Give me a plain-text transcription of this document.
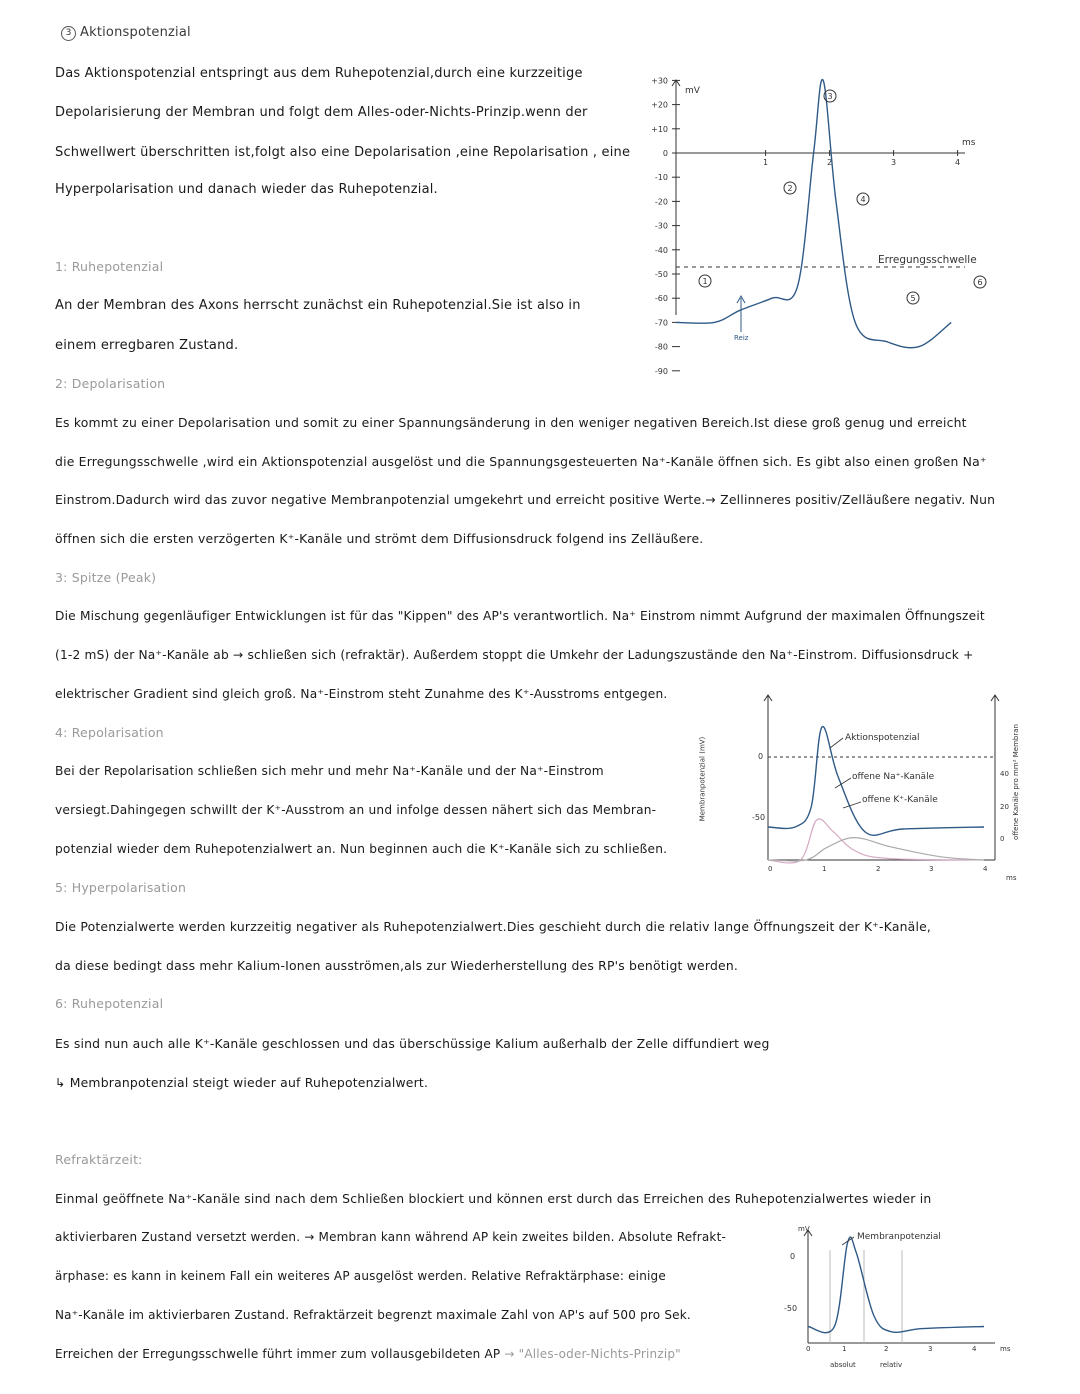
3 Aktionspotenzial
Das Aktionspotenzial entspringt aus dem Ruhepotenzial,durch eine kurzzeitige
Depolarisierung der Membran und folgt dem Alles-oder-Nichts-Prinzip.wenn der
Schwellwert überschritten ist,folgt also eine Depolarisation ,eine Repolarisation , eine
Hyperpolarisation und danach wieder das Ruhepotenzial.
1: Ruhepotenzial
An der Membran des Axons herrscht zunächst ein Ruhepotenzial.Sie ist also in
einem erregbaren Zustand.
2: Depolarisation
Es kommt zu einer Depolarisation und somit zu einer Spannungsänderung in den weniger negativen Bereich.Ist diese groß genug und erreicht
die Erregungsschwelle ,wird ein Aktionspotenzial ausgelöst und die Spannungsgesteuerten Na⁺-Kanäle öffnen sich. Es gibt also einen großen Na⁺
Einstrom.Dadurch wird das zuvor negative Membranpotenzial umgekehrt und erreicht positive Werte.→ Zellinneres positiv/Zelläußere negativ. Nun
öffnen sich die ersten verzögerten K⁺-Kanäle und strömt dem Diffusionsdruck folgend ins Zelläußere.
3: Spitze (Peak)
Die Mischung gegenläufiger Entwicklungen ist für das "Kippen" des AP's verantwortlich. Na⁺ Einstrom nimmt Aufgrund der maximalen Öffnungszeit
(1-2 mS) der Na⁺-Kanäle ab → schließen sich (refraktär). Außerdem stoppt die Umkehr der Ladungszustände den Na⁺-Einstrom. Diffusionsdruck +
elektrischer Gradient sind gleich groß. Na⁺-Einstrom steht Zunahme des K⁺-Ausstroms entgegen.
4: Repolarisation
Bei der Repolarisation schließen sich mehr und mehr Na⁺-Kanäle und der Na⁺-Einstrom
versiegt.Dahingegen schwillt der K⁺-Ausstrom an und infolge dessen nähert sich das Membran-
potenzial wieder dem Ruhepotenzialwert an. Nun beginnen auch die K⁺-Kanäle sich zu schließen.
5: Hyperpolarisation
Die Potenzialwerte werden kurzzeitig negativer als Ruhepotenzialwert.Dies geschieht durch die relativ lange Öffnungszeit der K⁺-Kanäle,
da diese bedingt dass mehr Kalium-Ionen ausströmen,als zur Wiederherstellung des RP's benötigt werden.
6: Ruhepotenzial
Es sind nun auch alle K⁺-Kanäle geschlossen und das überschüssige Kalium außerhalb der Zelle diffundiert weg
↳ Membranpotenzial steigt wieder auf Ruhepotenzialwert.
Refraktärzeit:
Einmal geöffnete Na⁺-Kanäle sind nach dem Schließen blockiert und können erst durch das Erreichen des Ruhepotenzialwertes wieder in
aktivierbaren Zustand versetzt werden. → Membran kann während AP kein zweites bilden. Absolute Refrakt-
ärphase: es kann in keinem Fall ein weiteres AP ausgelöst werden. Relative Refraktärphase: einige
Na⁺-Kanäle im aktivierbaren Zustand. Refraktärzeit begrenzt maximale Zahl von AP's auf 500 pro Sek.
Erreichen der Erregungsschwelle führt immer zum vollausgebildeten AP → "Alles-oder-Nichts-Prinzip"
+30
+20
+10
0
-10
-20
-30
-40
-50
-60
-70
-80
-90
1	2	3	4
1
2
3
4
5
6
mV
ms
Erregungsschwelle
Reiz
Aktionspotenzial
offene Na⁺-Kanäle
offene K⁺-Kanäle
Membranpotenzial (mV)	offene Kanäle pro mm² Membran
ms
0
-50
40
20
0
0	1	2	3	4
Membranpotenzial
mV
ms
0
-50
0	1	2	3	4
absolut	relativ
